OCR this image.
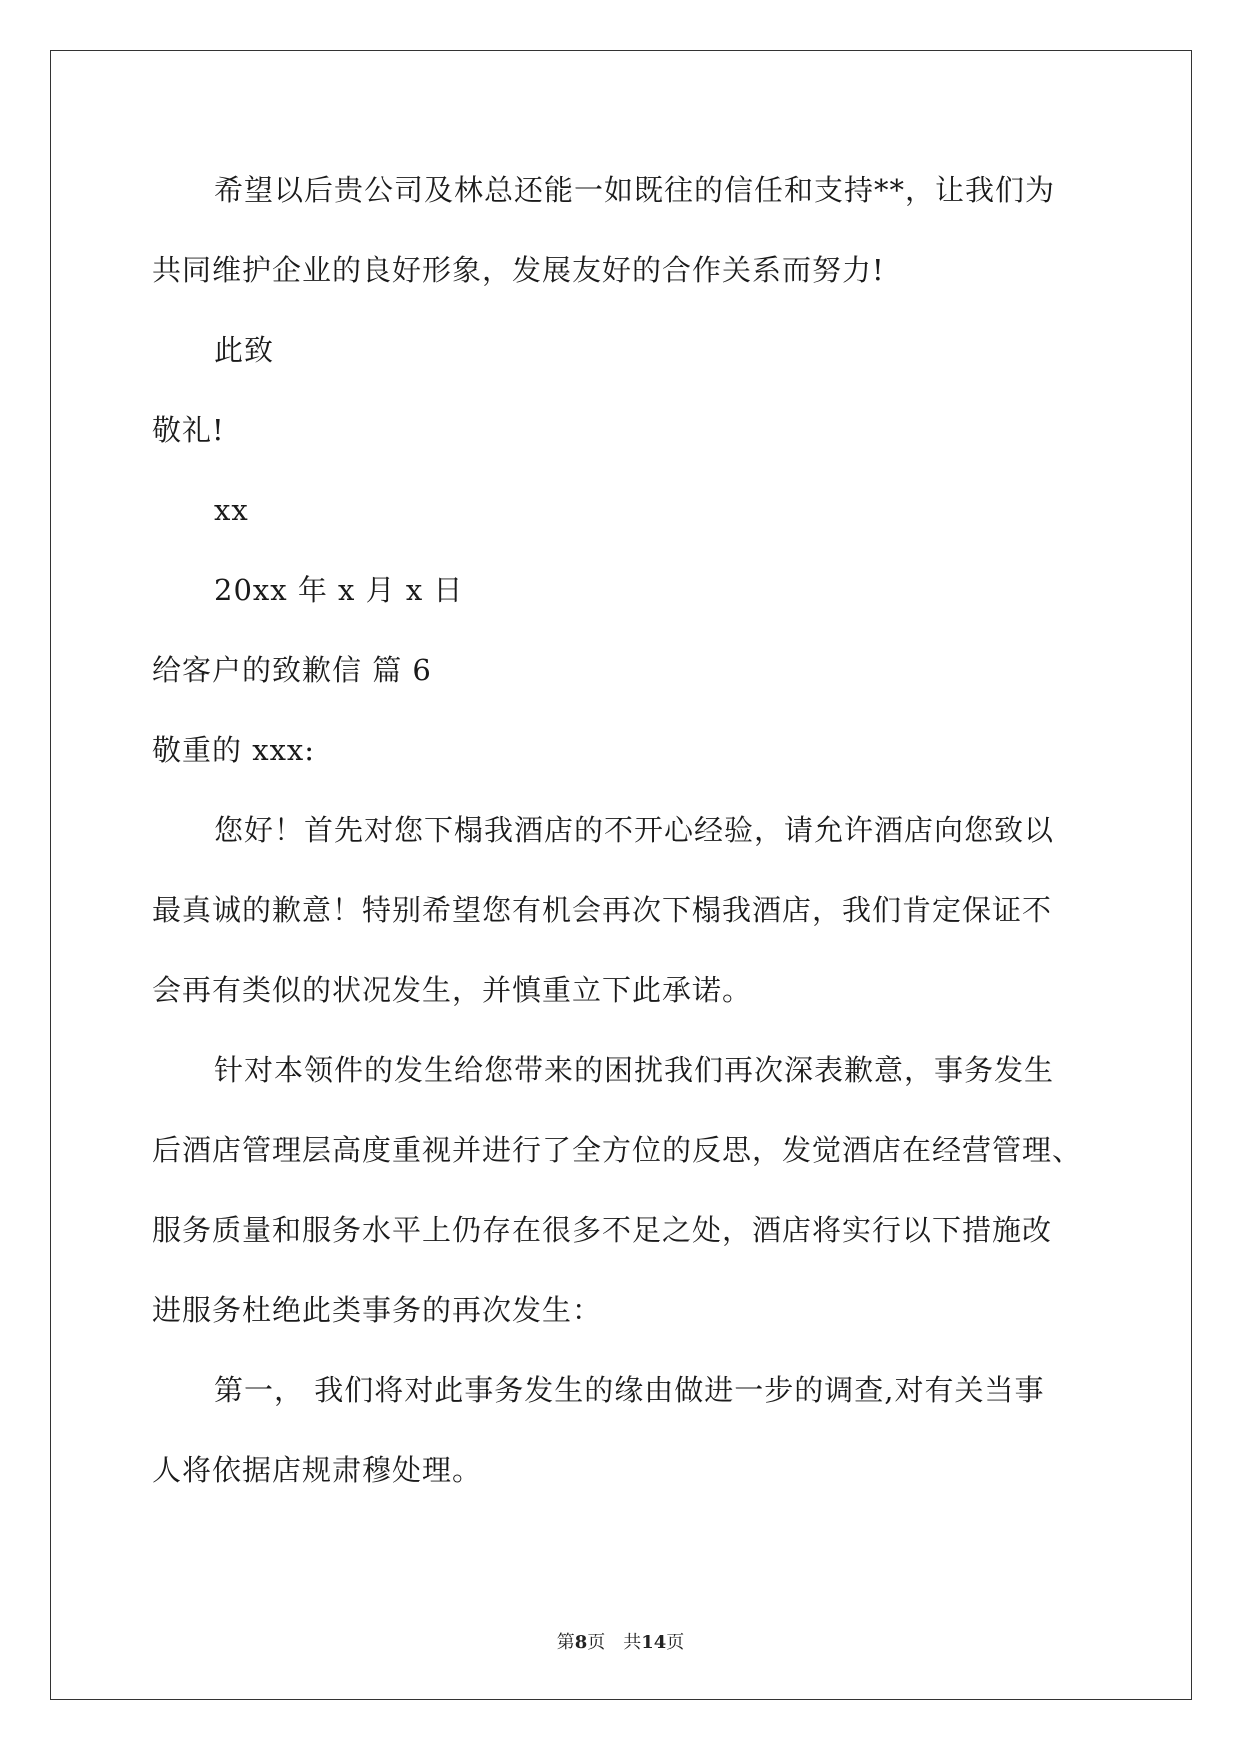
希望以后贵公司及林总还能一如既往的信任和支持**，让我们为
共同维护企业的良好形象，发展友好的合作关系而努力!
此致
敬礼!
xx
20xx 年 x 月 x 日
给客户的致歉信 篇 6
敬重的 xxx:
您好！首先对您下榻我酒店的不开心经验，请允许酒店向您致以
最真诚的歉意！特别希望您有机会再次下榻我酒店，我们肯定保证不
会再有类似的状况发生，并慎重立下此承诺。
针对本领件的发生给您带来的困扰我们再次深表歉意，事务发生
后酒店管理层高度重视并进行了全方位的反思，发觉酒店在经营管理、
服务质量和服务水平上仍存在很多不足之处，酒店将实行以下措施改
进服务杜绝此类事务的再次发生：
第一， 我们将对此事务发生的缘由做进一步的调查,对有关当事
人将依据店规肃穆处理。
第8页　共14页
